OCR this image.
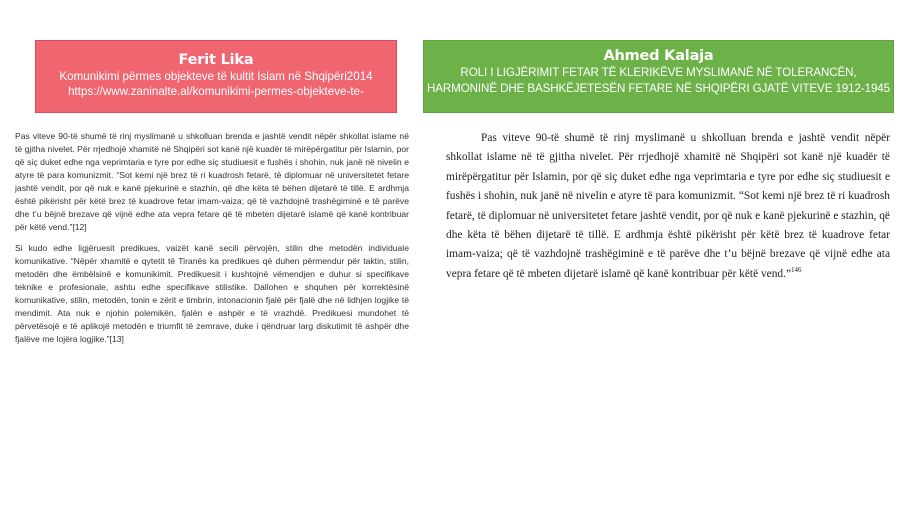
Ferit Lika
Komunikimi përmes objekteve të kultit Islam në Shqipëri2014
https://www.zaninalte.al/komunikimi-permes-objekteve-te-
Ahmed Kalaja
ROLI I LIGJËRIMIT FETAR TË KLERIKËVE MYSLIMANË NË TOLERANCËN,
HARMONINË DHE BASHKËJETESËN FETARE NË SHQIPËRI GJATË VITEVE 1912-1945

Pas viteve 90-të shumë të rinj myslimanë u shkolluan brenda e jashtë vendit nëpër shkollat islame në të gjitha nivelet. Për rrjedhojë xhamitë në Shqipëri sot kanë një kuadër të mirëpërgatitur për Islamin, por që siç duket edhe nga veprimtaria e tyre por edhe siç studiuesit e fushës i shohin, nuk janë në nivelin e atyre të para komunizmit. “Sot kemi një brez të ri kuadrosh fetarë, të diplomuar në universitetet fetare jashtë vendit, por që nuk e kanë pjekurinë e stazhin, që dhe këta të bëhen dijetarë të tillë. E ardhmja është pikërisht për këtë brez të kuadrove fetar imam-vaiza; që të vazhdojnë trashëgiminë e të parëve dhe t’u bëjnë brezave që vijnë edhe ata vepra fetare që të mbeten dijetarë islamë që kanë kontribuar për këtë vend.”[12]

Si kudo edhe ligjëruesit predikues, vaizët kanë secili përvojën, stilin dhe metodën individuale komunikative. “Nëpër xhamitë e qytetit të Tiranës ka predikues që duhen përmendur për taktin, stilin, metodën dhe ëmbëlsinë e komunikimit. Predikuesit i kushtojnë vëmendjen e duhur si specifikave teknike e profesionale, ashtu edhe specifikave stilistike. Dallohen e shquhen për korrektësinë komunikative, stilin, metodën, tonin e zërit e timbrin, intonacionin fjalë për fjalë dhe në lidhjen logjike të mendimit. Ata nuk e njohin polemikën, fjalën e ashpër e të vrazhdë. Predikuesi mundohet të përvetësojë e të aplikojë metodën e triumfit të zemrave, duke i qëndruar larg diskutimit të ashpër dhe fjalëve me lojëra logjike.”[13]

Pas viteve 90-të shumë të rinj myslimanë u shkolluan brenda e jashtë vendit nëpër shkollat islame në të gjitha nivelet. Për rrjedhojë xhamitë në Shqipëri sot kanë një kuadër të mirëpërgatitur për Islamin, por që siç duket edhe nga veprimtaria e tyre por edhe siç studiuesit e fushës i shohin, nuk janë në nivelin e atyre të para komunizmit. “Sot kemi një brez të ri kuadrosh fetarë, të diplomuar në universitetet fetare jashtë vendit, por që nuk e kanë pjekurinë e stazhin, që dhe këta të bëhen dijetarë të tillë. E ardhmja është pikërisht për këtë brez të kuadrove fetar imam-vaiza; që të vazhdojnë trashëgiminë e të parëve dhe t’u bëjnë brezave që vijnë edhe ata vepra fetare që të mbeten dijetarë islamë që kanë kontribuar për këtë vend.”$^{146}$
